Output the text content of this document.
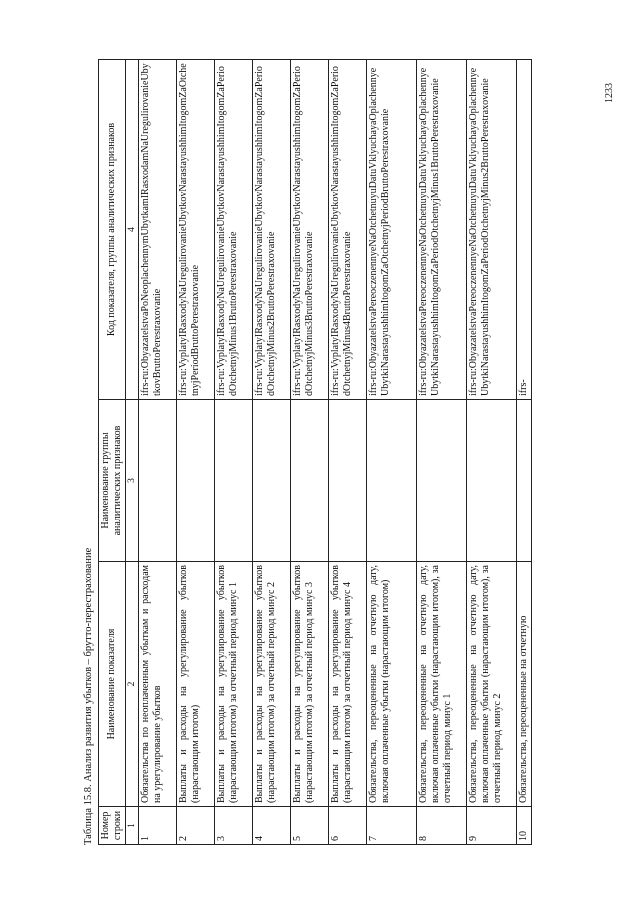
1233
Таблица 15.8. Анализ развития убытков – брутто-перестрахование Номер строки	Наименование показателя	Наименование группы аналитических признаков	Код показателя, группы аналитических признаков
1	2	3	4
1	Обязательства по неоплаченным убыткам и расходам на урегулирование убытков		ifrs-ru:ObyazatelstvaPoNeoplachennymUbytkamIRasxodamNaUregulirovanieUbytkovBruttoPerestraxovanie
2	Выплаты и расходы на урегулирование убытков (нарастающим итогом)		ifrs-ru:VyplatyIRasxodyNaUregulirovanieUbytkovNarastayushhimItogomZaOtchetnyjPeriodBruttoPerestraxovanie
3	Выплаты и расходы на урегулирование убытков (нарастающим итогом) за отчетный период минус 1		ifrs-ru:VyplatyIRasxodyNaUregulirovanieUbytkovNarastayushhimItogomZaPeriodOtchetnyjMinus1BruttoPerestraxovanie
4	Выплаты и расходы на урегулирование убытков (нарастающим итогом) за отчетный период минус 2		ifrs-ru:VyplatyIRasxodyNaUregulirovanieUbytkovNarastayushhimItogomZaPeriodOtchetnyjMinus2BruttoPerestraxovanie
5	Выплаты и расходы на урегулирование убытков (нарастающим итогом) за отчетный период минус 3		ifrs-ru:VyplatyIRasxodyNaUregulirovanieUbytkovNarastayushhimItogomZaPeriodOtchetnyjMinus3BruttoPerestraxovanie
6	Выплаты и расходы на урегулирование убытков (нарастающим итогом) за отчетный период минус 4		ifrs-ru:VyplatyIRasxodyNaUregulirovanieUbytkovNarastayushhimItogomZaPeriodOtchetnyjMinus4BruttoPerestraxovanie
7	Обязательства, переоцененные на отчетную дату, включая оплаченные убытки (нарастающим итогом)		ifrs-ru:ObyazatelstvaPereoczenennyeNaOtchetnuyuDatuVklyuchayaOplachennyeUbytkiNarastayushhimItogomZaOtchetnyjPeriodBruttoPerestraxovanie
8	Обязательства, переоцененные на отчетную дату, включая оплаченные убытки (нарастающим итогом), за отчетный период минус 1		ifrs-ru:ObyazatelstvaPereoczenennyeNaOtchetnuyuDatuVklyuchayaOplachennyeUbytkiNarastayushhimItogomZaPeriodOtchetnyjMinus1BruttoPerestraxovanie
9	Обязательства, переоцененные на отчетную дату, включая оплаченные убытки (нарастающим итогом), за отчетный период минус 2		ifrs-ru:ObyazatelstvaPereoczenennyeNaOtchetnuyuDatuVklyuchayaOplachennyeUbytkiNarastayushhimItogomZaPeriodOtchetnyjMinus2BruttoPerestraxovanie
10	Обязательства, переоцененные на отчетную		ifrs-
